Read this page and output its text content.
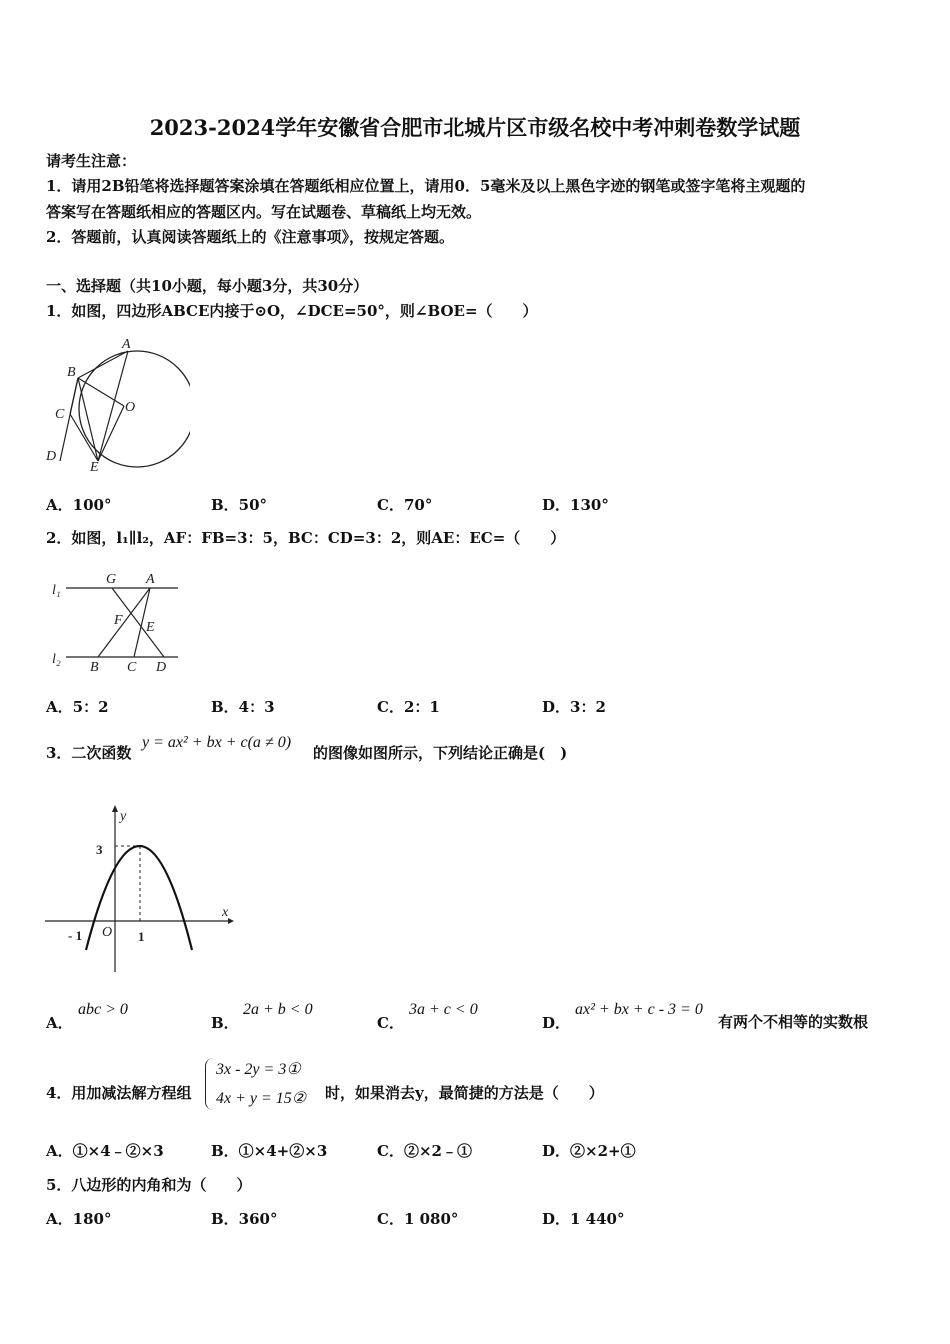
2023-2024学年安徽省合肥市北城片区市级名校中考冲刺卷数学试题
请考生注意：
1．请用2B铅笔将选择题答案涂填在答题纸相应位置上，请用0．5毫米及以上黑色字迹的钢笔或签字笔将主观题的
答案写在答题纸相应的答题区内。写在试题卷、草稿纸上均无效。
2．答题前，认真阅读答题纸上的《注意事项》，按规定答题。
一、选择题（共10小题，每小题3分，共30分）
1．如图，四边形ABCE内接于⊙O，∠DCE=50°，则∠BOE=（　　）
A
B
C	O
D
E
A．100°	B．50°	C．70°	D．130°
2．如图，l₁∥l₂，AF：FB=3：5，BC：CD=3：2，则AE：EC=（　　）
l₁
l₂
G A
F E
B C D
A．5：2	B．4：3	C．2：1	D．3：2
3．二次函数
y = ax² + bx + c(a ≠ 0)
的图像如图所示，下列结论正确是(　)
y
x
3
- 1 O 1
A．
abc > 0
B．
2a + b < 0
C．
3a + c < 0
D．
ax² + bx + c - 3 = 0
有两个不相等的实数根
4．用加减法解方程组
3x - 2y = 3①
4x + y = 15② 时，如果消去y，最简捷的方法是（　　）
A．①×4﹣②×3	B．①×4+②×3	C．②×2﹣①	D．②×2+①
5．八边形的内角和为（　　）
A．180°	B．360°	C．1 080°	D．1 440°
